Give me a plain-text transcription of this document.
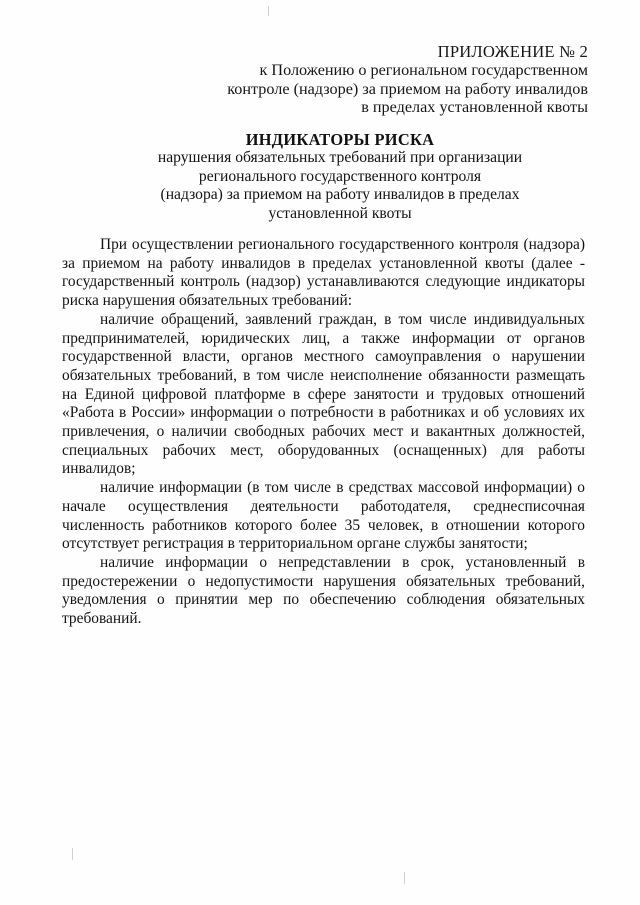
ПРИЛОЖЕНИЕ № 2
к Положению о региональном государственном
контроле (надзоре) за приемом на работу инвалидов
в пределах установленной квоты
ИНДИКАТОРЫ РИСКА
нарушения обязательных требований при организации
регионального государственного контроля
(надзора) за приемом на работу инвалидов в пределах
установленной квоты

При осуществлении регионального государственного контроля (надзора) за приемом на работу инвалидов в пределах установленной квоты (далее - государственный контроль (надзор) устанавливаются следующие индикаторы риска нарушения обязательных требований:

наличие обращений, заявлений граждан, в том числе индивидуальных предпринимателей, юридических лиц, а также информации от органов государственной власти, органов местного самоуправления о нарушении обязательных требований, в том числе неисполнение обязанности размещать на Единой цифровой платформе в сфере занятости и трудовых отношений «Работа в России» информации о потребности в работниках и об условиях их привлечения, о наличии свободных рабочих мест и вакантных должностей, специальных рабочих мест, оборудованных (оснащенных) для работы инвалидов;

наличие информации (в том числе в средствах массовой информации) о начале осуществления деятельности работодателя, среднесписочная численность работников которого более 35 человек, в отношении которого отсутствует регистрация в территориальном органе службы занятости;

наличие информации о непредставлении в срок, установленный в предостережении о недопустимости нарушения обязательных требований, уведомления о принятии мер по обеспечению соблюдения обязательных требований.
